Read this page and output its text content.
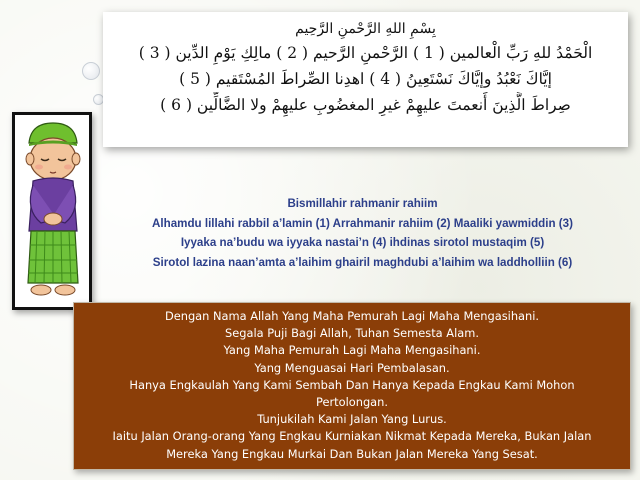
بِسْمِ اللهِ الرَّحْمنِ الرَّحِيم
الْحَمْدُ للهِ رَبِّ الْعالمين ( 1 ) الرَّحْمنِ الرَّحيم ( 2 ) مالِكِ يَوْمِ الدِّين ( 3 )
إيَّاكَ نَعْبُدُ وإيَّاكَ نَسْتَعِينُ ( 4 ) اهدِنا الصِّراطَ المُسْتَقيم ( 5 )
صِراطَ الَّذِينَ أَنعمتَ عليهِمْ غيرِ المغضُوبِ عليهِمْ ولا الضَّالِّين ( 6 )
Bismillahir rahmanir rahiim
Alhamdu lillahi rabbil a’lamin (1) Arrahmanir rahiim (2) Maaliki yawmiddin (3)
Iyyaka na’budu wa iyyaka nastai’n (4) ihdinas sirotol mustaqim (5)
Sirotol lazina naan’amta a’laihim ghairil maghdubi a’laihim wa laddholliin (6)
Dengan Nama Allah Yang Maha Pemurah Lagi Maha Mengasihani.
Segala Puji Bagi Allah, Tuhan Semesta Alam.
Yang Maha Pemurah Lagi Maha Mengasihani.
Yang Menguasai Hari Pembalasan.
Hanya Engkaulah Yang Kami Sembah Dan Hanya Kepada Engkau Kami Mohon
Pertolongan.
Tunjukilah Kami Jalan Yang Lurus.
Iaitu Jalan Orang-orang Yang Engkau Kurniakan Nikmat Kepada Mereka, Bukan Jalan
Mereka Yang Engkau Murkai Dan Bukan Jalan Mereka Yang Sesat.
